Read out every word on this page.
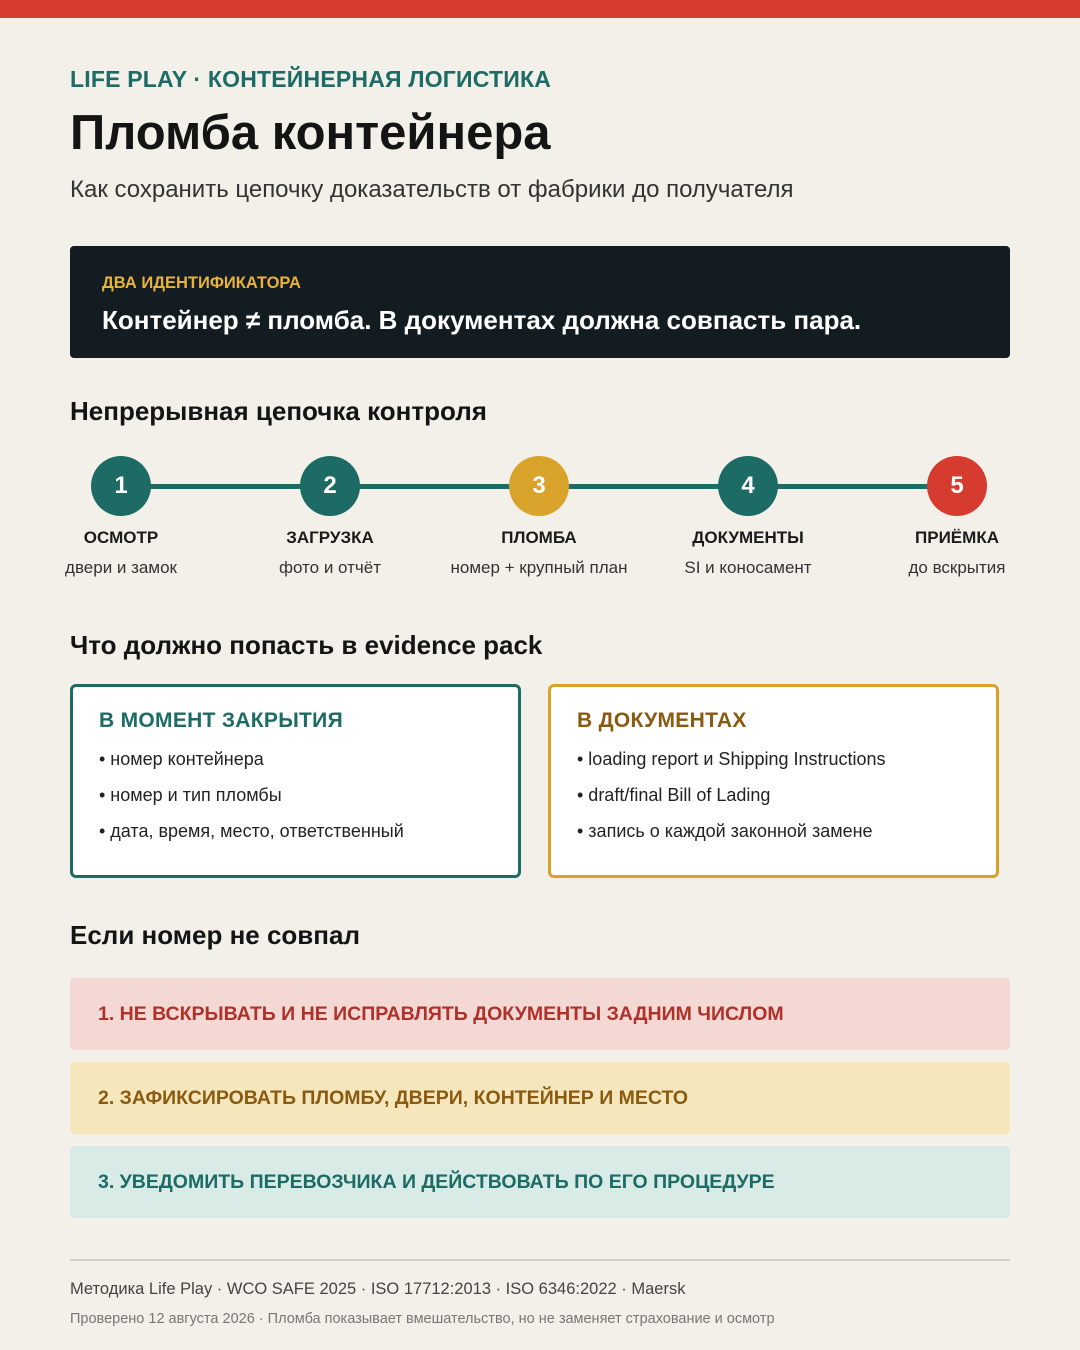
LIFE PLAY · КОНТЕЙНЕРНАЯ ЛОГИСТИКА
Пломба контейнера
Как сохранить цепочку доказательств от фабрики до получателя
ДВА ИДЕНТИФИКАТОРА
Контейнер ≠ пломба. В документах должна совпасть пара.
Непрерывная цепочка контроля
1
ОСМОТР
двери и замок
2
ЗАГРУЗКА
фото и отчёт
3
ПЛОМБА
номер + крупный план
4
ДОКУМЕНТЫ
SI и коносамент
5
ПРИЁМКА
до вскрытия
Что должно попасть в evidence pack
В МОМЕНТ ЗАКРЫТИЯ
• номер контейнера
• номер и тип пломбы
• дата, время, место, ответственный
В ДОКУМЕНТАХ
• loading report и Shipping Instructions
• draft/final Bill of Lading
• запись о каждой законной замене
Если номер не совпал
1. НЕ ВСКРЫВАТЬ И НЕ ИСПРАВЛЯТЬ ДОКУМЕНТЫ ЗАДНИМ ЧИСЛОМ
2. ЗАФИКСИРОВАТЬ ПЛОМБУ, ДВЕРИ, КОНТЕЙНЕР И МЕСТО
3. УВЕДОМИТЬ ПЕРЕВОЗЧИКА И ДЕЙСТВОВАТЬ ПО ЕГО ПРОЦЕДУРЕ
Методика Life Play · WCO SAFE 2025 · ISO 17712:2013 · ISO 6346:2022 · Maersk
Проверено 12 августа 2026 · Пломба показывает вмешательство, но не заменяет страхование и осмотр
